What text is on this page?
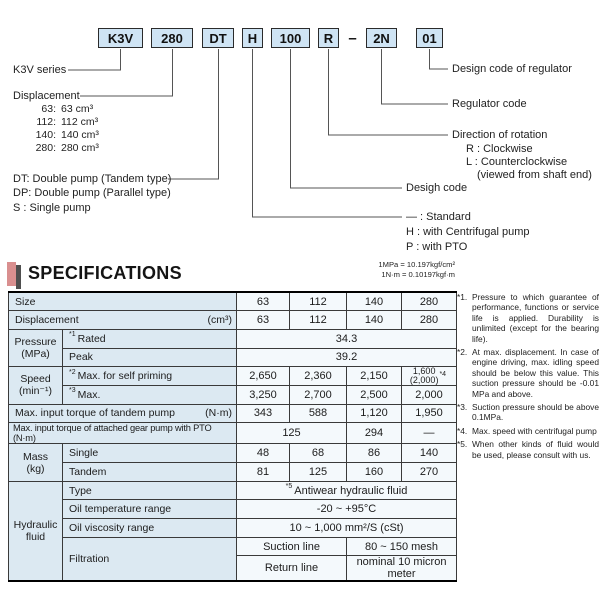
K3V	280	DT	H	100	R	–	2N	01
K3V series
Displacement
63: 63 cm³
112: 112 cm³
140: 140 cm³
280: 280 cm³
DT: Double pump (Tandem type)
DP: Double pump (Parallel type)
S : Single pump
Design code of regulator
Regulator code
Direction of rotation
R : Clockwise
L : Counterclockwise
(viewed from shaft end)
Desigh code
— : Standard
H : with Centrifugal pump
P : with PTO
SPECIFICATIONS	1MPa = 10.197kgf/cm²
1N·m = 0.10197kgf·m
Size		63	112	140	280

Displacement (cm³)		63	112	140	280

Pressure
(MPa)	$^{*1}$ Rated	34.3			
	Peak	39.2			

Speed
(min⁻¹)
	$^{*2}$ Max. for self priming	2,650	2,360	2,150	1,600
(2,000)
$^{*4}$

	$^{*3}$ Max.	3,250	2,700	2,500	2,000

Max. input torque of tandem pump (N·m)		343	588	1,120	1,950
Max. input torque of attached gear pump with PTO (N·m)		125		294	—

Mass
(kg)	Single	48	68	86	140
	Tandem	81	125	160	270

Hydraulic
fluid	Type	$^{*5}$ Antiwear hydraulic fluid			
	Oil temperature range	-20 ~ +95°C			
	Oil viscosity range	10 ~ 1,000 mm²/S (cSt)			
	Filtration	Suction line		80 ~ 150 mesh	
		Return line		nominal 10 micron meter	
*1. Pressure to which guarantee of performance, functions or service life is applied. Durability is unlimited (except for the bearing life).
*2. At max. displacement. In case of engine driving, max. idling speed should be below this value. This suction pressure should be -0.01 MPa and above.
*3. Suction pressure should be above 0.1MPa.
*4. Max. speed with centrifugal pump
*5. When other kinds of fluid would be used, please consult with us.
